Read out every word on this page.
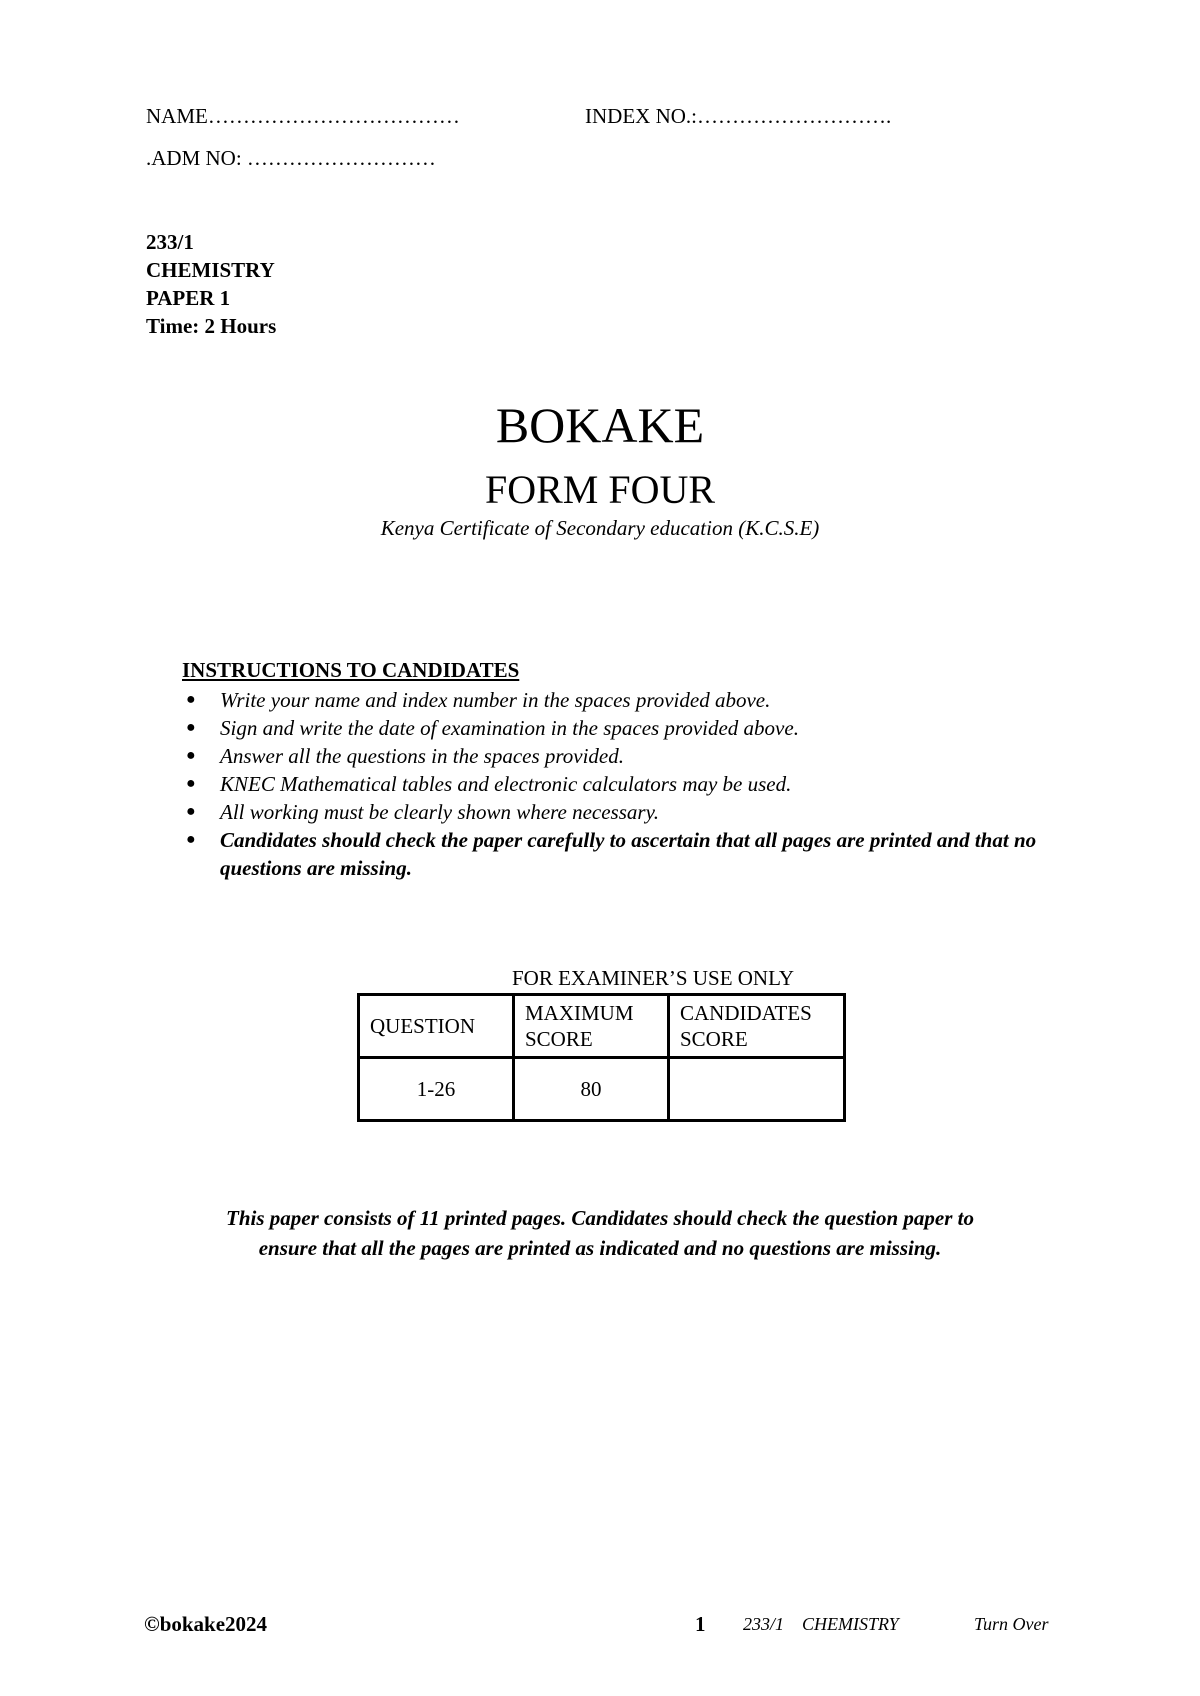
NAME………………………………	INDEX NO.:……………………….
.ADM NO: ………………………
233/1
CHEMISTRY
PAPER 1
Time: 2 Hours
BOKAKE
FORM FOUR
Kenya Certificate of Secondary education (K.C.S.E)
INSTRUCTIONS TO CANDIDATES
● Write your name and index number in the spaces provided above.
● Sign and write the date of examination in the spaces provided above.
● Answer all the questions in the spaces provided.
● KNEC Mathematical tables and electronic calculators may be used.
● All working must be clearly shown where necessary.
● Candidates should check the paper carefully to ascertain that all pages are printed and that no questions are missing.
FOR EXAMINER’S USE ONLY
QUESTION	MAXIMUM SCORE	CANDIDATES SCORE
1-26	80	
This paper consists of 11 printed pages. Candidates should check the question paper to
ensure that all the pages are printed as indicated and no questions are missing.
©bokake2024	1 233/1    CHEMISTRY	Turn Over
